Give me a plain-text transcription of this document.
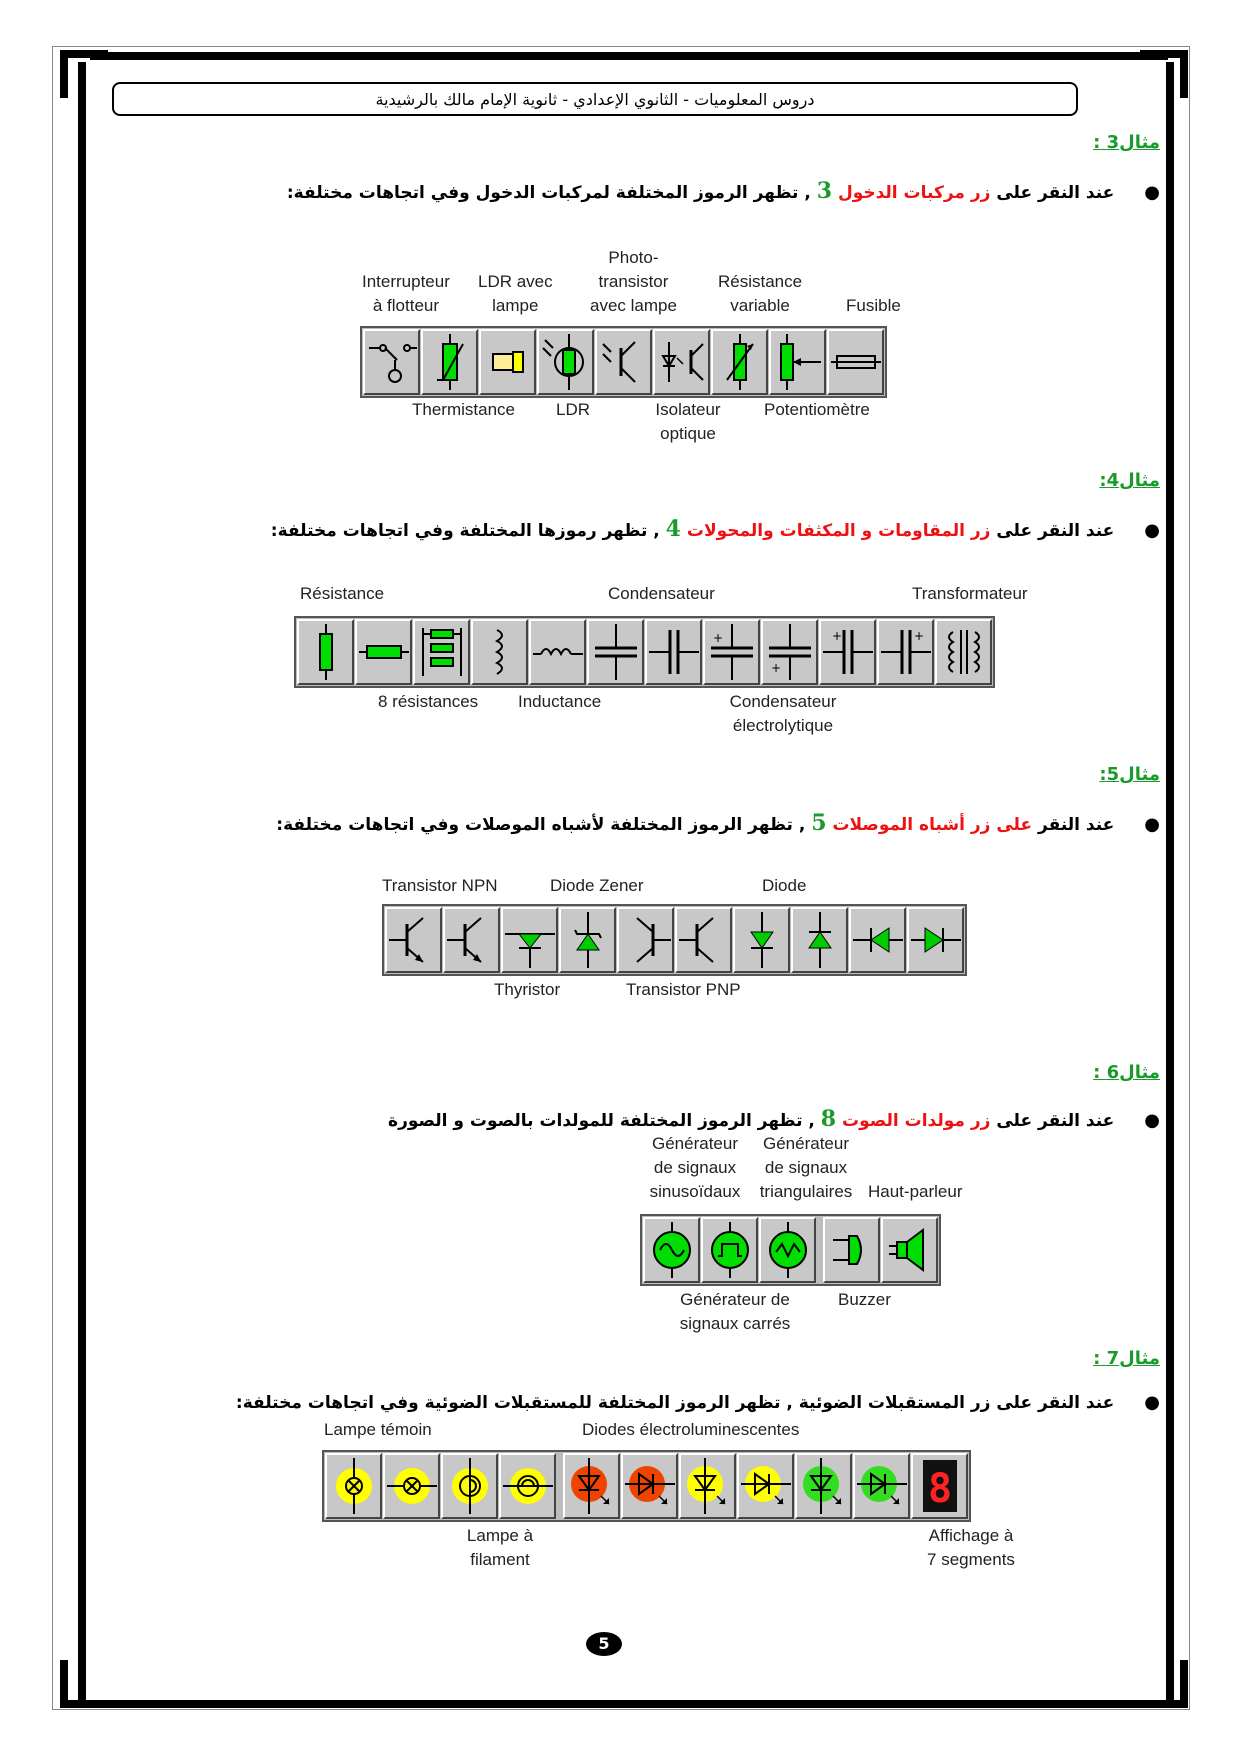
دروس المعلوميات - الثانوي الإعدادي - ثانوية الإمام مالك بالرشيدية
مثال3 :
●عند النقر على زر مركبات الدخول 3 , تظهر الرموز المختلفة لمركبات الدخول وفي اتجاهات مختلفة:
Interrupteur
à flotteur
LDR avec
lampe
Photo-
transistor
avec lampe
Résistance
variable	Fusible
Thermistance LDR	Isolateur
optique
Potentiomètre
مثال4:
●عند النقر على زر المقاومات و المكثفات والمحولات 4 , تظهر رموزها المختلفة وفي اتجاهات مختلفة:
Résistance	Condensateur	Transformateur
+
+
+	+
8 résistances Inductance	Condensateur
électrolytique
مثال5:
●عند النقر على زر أشباه الموصلات 5 , تظهر الرموز المختلفة لأشباه الموصلات وفي اتجاهات مختلفة:
Transistor NPN	Diode Zener	Diode
Thyristor	Transistor PNP
مثال6 :
●عند النقر على زر مولدات الصوت 8 , تظهر الرموز المختلفة للمولدات بالصوت و الصورة
Générateur
de signaux
sinusoïdaux
Générateur
de signaux
triangulaires Haut-parleur
Générateur de
signaux carrés
Buzzer
مثال7 :
●عند النقر على زر المستقبلات الضوئية , تظهر الرموز المختلفة للمستقبلات الضوئية وفي اتجاهات مختلفة:
Lampe témoin	Diodes électroluminescentes
8
Lampe à
filament
Affichage à
7 segments
5
